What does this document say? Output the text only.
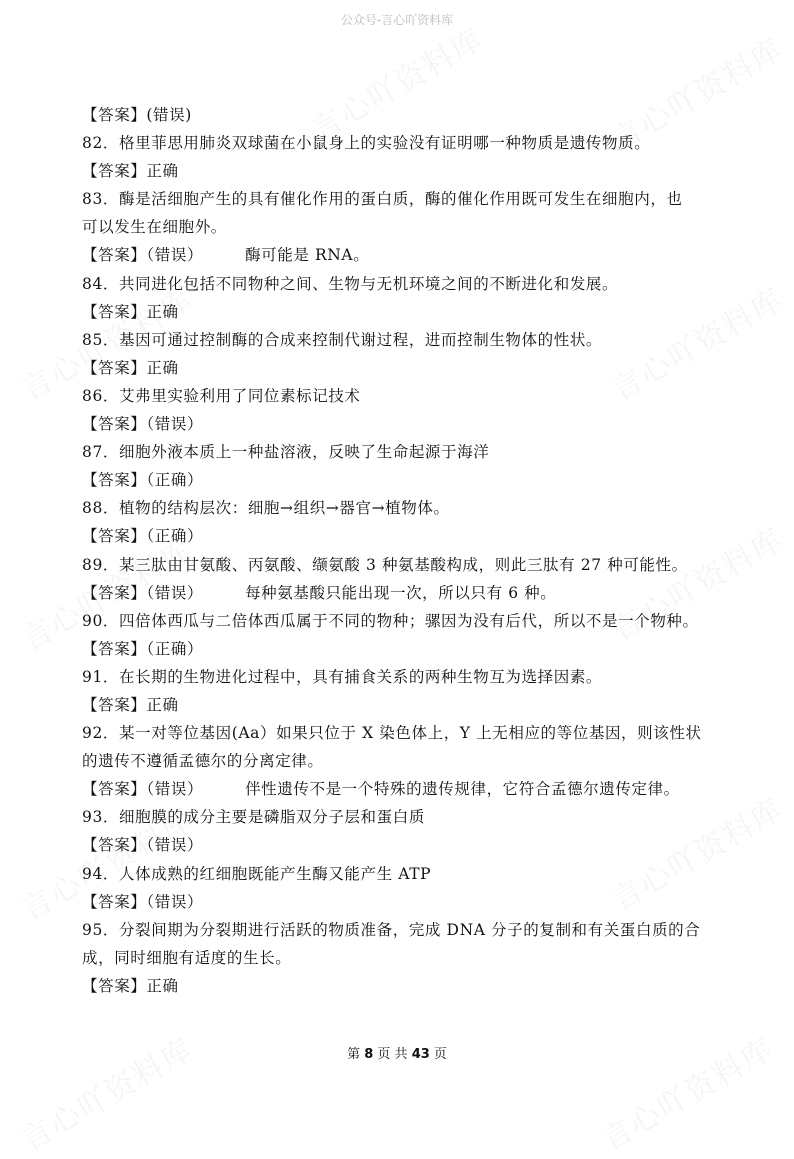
公众号-言心吖资料库
【答案】(错误)
82．格里菲思用肺炎双球菌在小鼠身上的实验没有证明哪一种物质是遗传物质。
【答案】正确
83．酶是活细胞产生的具有催化作用的蛋白质，酶的催化作用既可发生在细胞内，也
可以发生在细胞外。
【答案】（错误）	酶可能是 RNA。
84．共同进化包括不同物种之间、生物与无机环境之间的不断进化和发展。
【答案】正确
85．基因可通过控制酶的合成来控制代谢过程，进而控制生物体的性状。
【答案】正确
86．艾弗里实验利用了同位素标记技术
【答案】（错误）
87．细胞外液本质上一种盐溶液，反映了生命起源于海洋
【答案】（正确）
88．植物的结构层次：细胞→组织→器官→植物体。
【答案】（正确）
89．某三肽由甘氨酸、丙氨酸、缬氨酸 3 种氨基酸构成，则此三肽有 27 种可能性。
【答案】（错误）	每种氨基酸只能出现一次，所以只有 6 种。
90．四倍体西瓜与二倍体西瓜属于不同的物种；骡因为没有后代，所以不是一个物种。
【答案】（正确）
91．在长期的生物进化过程中，具有捕食关系的两种生物互为选择因素。
【答案】正确
92．某一对等位基因(Aa）如果只位于 X 染色体上，Y 上无相应的等位基因，则该性状
的遗传不遵循孟德尔的分离定律。
【答案】（错误）	伴性遗传不是一个特殊的遗传规律，它符合孟德尔遗传定律。
93．细胞膜的成分主要是磷脂双分子层和蛋白质
【答案】（错误）
94．人体成熟的红细胞既能产生酶又能产生 ATP
【答案】（错误）
95．分裂间期为分裂期进行活跃的物质准备，完成 DNA 分子的复制和有关蛋白质的合
成，同时细胞有适度的生长。
【答案】正确
第 8 页 共 43 页
